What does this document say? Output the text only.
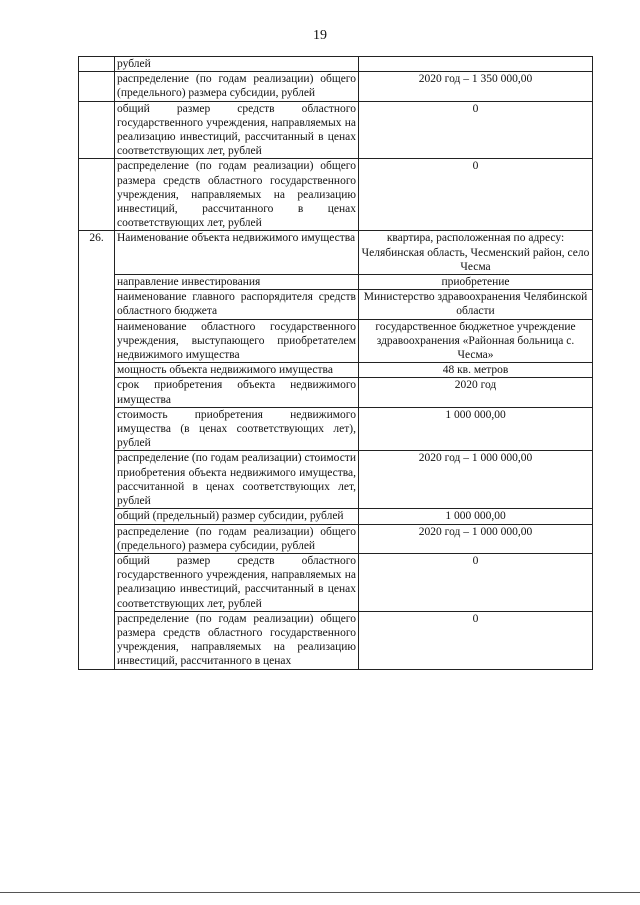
19
	рублей	
	распределение (по годам реализации) общего (предельного) размера субсидии, рублей	2020 год – 1 350 000,00
	общий размер средств областного государственного учреждения, направляемых на реализацию инвестиций, рассчитанный в ценах соответствующих лет, рублей	0
	распределение (по годам реализации) общего размера средств областного государственного учреждения, направляемых на реализацию инвестиций, рассчитанного в ценах соответствующих лет, рублей	0
26.	Наименование объекта недвижимого имущества	квартира, расположенная по адресу: Челябинская область, Чесменский район, село Чесма
	направление инвестирования	приобретение
	наименование главного распорядителя средств областного бюджета	Министерство здравоохранения Челябинской области
	наименование областного государственного учреждения, выступающего приобретателем недвижимого имущества	государственное бюджетное учреждение здравоохранения «Районная больница с. Чесма»
	мощность объекта недвижимого имущества	48 кв. метров
	срок приобретения объекта недвижимого имущества	2020 год
	стоимость приобретения недвижимого имущества (в ценах соответствующих лет), рублей	1 000 000,00
	распределение (по годам реализации) стоимости приобретения объекта недвижимого имущества, рассчитанной в ценах соответствующих лет, рублей	2020 год – 1 000 000,00
	общий (предельный) размер субсидии, рублей	1 000 000,00
	распределение (по годам реализации) общего (предельного) размера субсидии, рублей	2020 год – 1 000 000,00
	общий размер средств областного государственного учреждения, направляемых на реализацию инвестиций, рассчитанный в ценах соответствующих лет, рублей	0
	распределение (по годам реализации) общего размера средств областного государственного учреждения, направляемых на реализацию инвестиций, рассчитанного в ценах	0
